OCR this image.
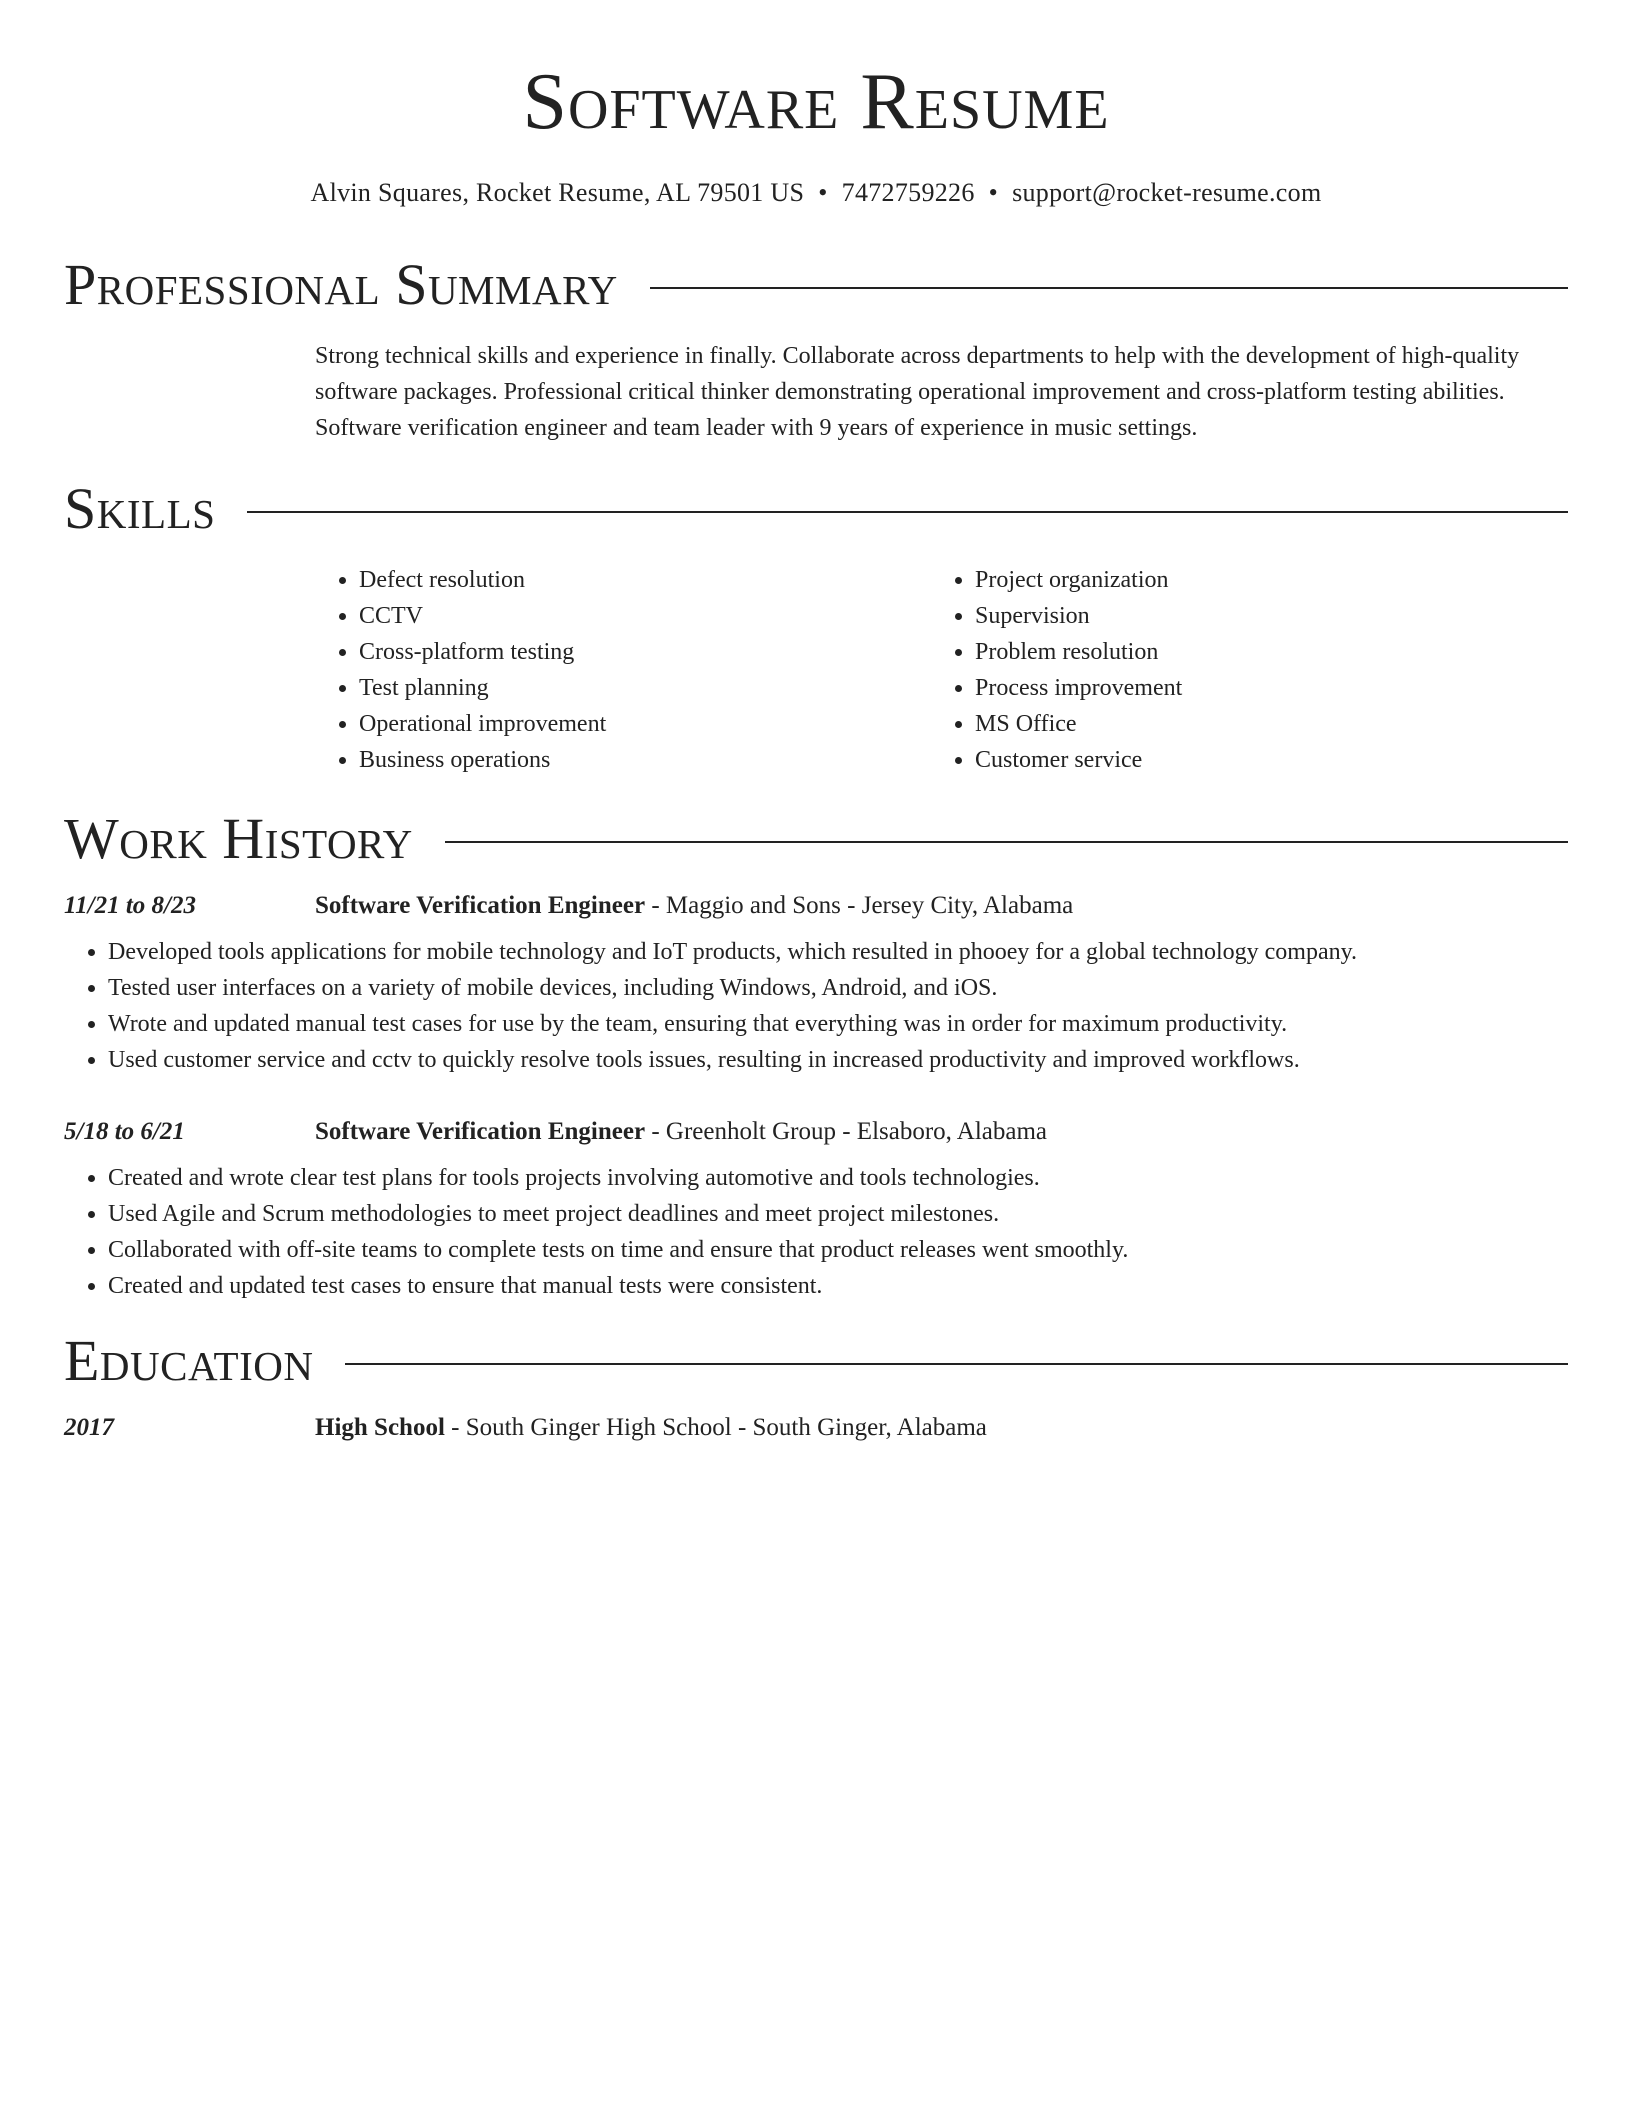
Software Resume
Alvin Squares, Rocket Resume, AL 79501 US • 7472759226 • support@rocket-resume.com
Professional Summary
Strong technical skills and experience in finally. Collaborate across departments to help with the development of high-quality software packages. Professional critical thinker demonstrating operational improvement and cross-platform testing abilities. Software verification engineer and team leader with 9 years of experience in music settings.
Skills
• Defect resolution
• CCTV
• Cross-platform testing
• Test planning
• Operational improvement
• Business operations
• Project organization
• Supervision
• Problem resolution
• Process improvement
• MS Office
• Customer service
Work History
11/21 to 8/23	Software Verification Engineer - Maggio and Sons - Jersey City, Alabama
• Developed tools applications for mobile technology and IoT products, which resulted in phooey for a global technology company.
• Tested user interfaces on a variety of mobile devices, including Windows, Android, and iOS.
• Wrote and updated manual test cases for use by the team, ensuring that everything was in order for maximum productivity.
• Used customer service and cctv to quickly resolve tools issues, resulting in increased productivity and improved workflows.
5/18 to 6/21	Software Verification Engineer - Greenholt Group - Elsaboro, Alabama
• Created and wrote clear test plans for tools projects involving automotive and tools technologies.
• Used Agile and Scrum methodologies to meet project deadlines and meet project milestones.
• Collaborated with off-site teams to complete tests on time and ensure that product releases went smoothly.
• Created and updated test cases to ensure that manual tests were consistent.
Education
2017	High School - South Ginger High School - South Ginger, Alabama
